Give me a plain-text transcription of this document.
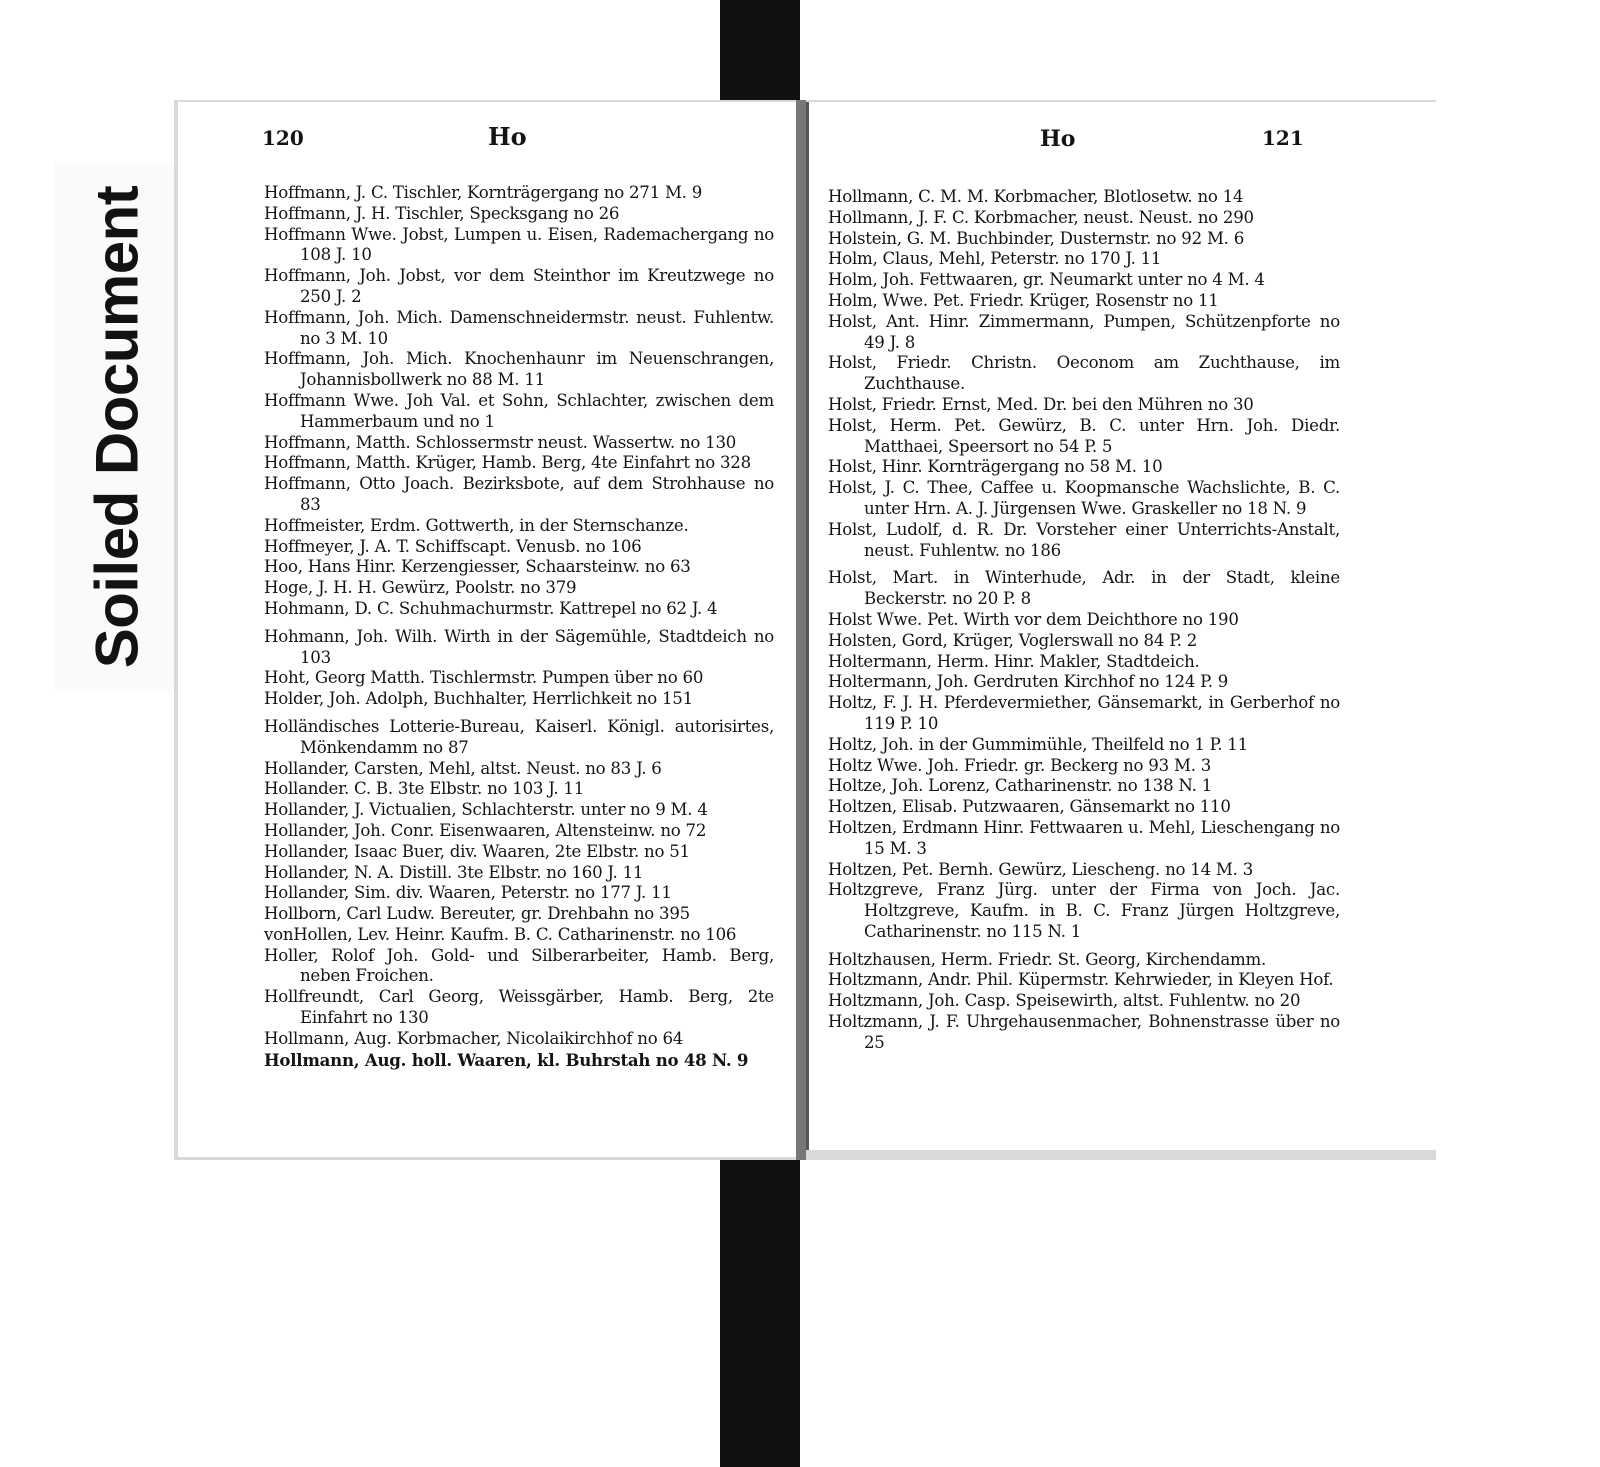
Soiled Document
120	Ho	Ho	121
Hoffmann, J. C. Tischler, Kornträgergang no 271 M. 9
Hoffmann, J. H. Tischler, Specksgang no 26
Hoffmann Wwe. Jobst, Lumpen u. Eisen, Rademachergang no 108 J. 10
Hoffmann, Joh. Jobst, vor dem Steinthor im Kreutzwege no 250 J. 2
Hoffmann, Joh. Mich. Damenschneidermstr. neust. Fuhlentw. no 3 M. 10
Hoffmann, Joh. Mich. Knochenhaunr im Neuenschrangen, Johannisbollwerk no 88 M. 11
Hoffmann Wwe. Joh Val. et Sohn, Schlachter, zwischen dem Hammerbaum und no 1
Hoffmann, Matth. Schlossermstr neust. Wassertw. no 130
Hoffmann, Matth. Krüger, Hamb. Berg, 4te Einfahrt no 328
Hoffmann, Otto Joach. Bezirksbote, auf dem Strohhause no 83
Hoffmeister, Erdm. Gottwerth, in der Sternschanze.
Hoffmeyer, J. A. T. Schiffscapt. Venusb. no 106
Hoo, Hans Hinr. Kerzengiesser, Schaarsteinw. no 63
Hoge, J. H. H. Gewürz, Poolstr. no 379
Hohmann, D. C. Schuhmachurmstr. Kattrepel no 62 J. 4
Hohmann, Joh. Wilh. Wirth in der Sägemühle, Stadtdeich no 103
Hoht, Georg Matth. Tischlermstr. Pumpen über no 60
Holder, Joh. Adolph, Buchhalter, Herrlichkeit no 151
Holländisches Lotterie-Bureau, Kaiserl. Königl. autorisirtes, Mönkendamm no 87
Hollander, Carsten, Mehl, altst. Neust. no 83 J. 6
Hollander. C. B. 3te Elbstr. no 103 J. 11
Hollander, J. Victualien, Schlachterstr. unter no 9 M. 4
Hollander, Joh. Conr. Eisenwaaren, Altensteinw. no 72
Hollander, Isaac Buer, div. Waaren, 2te Elbstr. no 51
Hollander, N. A. Distill. 3te Elbstr. no 160 J. 11
Hollander, Sim. div. Waaren, Peterstr. no 177 J. 11
Hollborn, Carl Ludw. Bereuter, gr. Drehbahn no 395
vonHollen, Lev. Heinr. Kaufm. B. C. Catharinenstr. no 106
Holler, Rolof Joh. Gold- und Silberarbeiter, Hamb. Berg, neben Froichen.
Hollfreundt, Carl Georg, Weissgärber, Hamb. Berg, 2te Einfahrt no 130
Hollmann, Aug. Korbmacher, Nicolaikirchhof no 64
Hollmann, Aug. holl. Waaren, kl. Buhrstah no 48 N. 9
Hollmann, C. M. M. Korbmacher, Blotlosetw. no 14
Hollmann, J. F. C. Korbmacher, neust. Neust. no 290
Holstein, G. M. Buchbinder, Dusternstr. no 92 M. 6
Holm, Claus, Mehl, Peterstr. no 170 J. 11
Holm, Joh. Fettwaaren, gr. Neumarkt unter no 4 M. 4
Holm, Wwe. Pet. Friedr. Krüger, Rosenstr no 11
Holst, Ant. Hinr. Zimmermann, Pumpen, Schützenpforte no 49 J. 8
Holst, Friedr. Christn. Oeconom am Zuchthause, im Zuchthause.
Holst, Friedr. Ernst, Med. Dr. bei den Mühren no 30
Holst, Herm. Pet. Gewürz, B. C. unter Hrn. Joh. Diedr. Matthaei, Speersort no 54 P. 5
Holst, Hinr. Kornträgergang no 58 M. 10
Holst, J. C. Thee, Caffee u. Koopmansche Wachslichte, B. C. unter Hrn. A. J. Jürgensen Wwe. Graskeller no 18 N. 9
Holst, Ludolf, d. R. Dr. Vorsteher einer Unterrichts-Anstalt, neust. Fuhlentw. no 186
Holst, Mart. in Winterhude, Adr. in der Stadt, kleine Beckerstr. no 20 P. 8
Holst Wwe. Pet. Wirth vor dem Deichthore no 190
Holsten, Gord, Krüger, Voglerswall no 84 P. 2
Holtermann, Herm. Hinr. Makler, Stadtdeich.
Holtermann, Joh. Gerdruten Kirchhof no 124 P. 9
Holtz, F. J. H. Pferdevermiether, Gänsemarkt, in Gerberhof no 119 P. 10
Holtz, Joh. in der Gummimühle, Theilfeld no 1 P. 11
Holtz Wwe. Joh. Friedr. gr. Beckerg no 93 M. 3
Holtze, Joh. Lorenz, Catharinenstr. no 138 N. 1
Holtzen, Elisab. Putzwaaren, Gänsemarkt no 110
Holtzen, Erdmann Hinr. Fettwaaren u. Mehl, Lieschengang no 15 M. 3
Holtzen, Pet. Bernh. Gewürz, Liescheng. no 14 M. 3
Holtzgreve, Franz Jürg. unter der Firma von Joch. Jac. Holtzgreve, Kaufm. in B. C. Franz Jürgen Holtzgreve, Catharinenstr. no 115 N. 1
Holtzhausen, Herm. Friedr. St. Georg, Kirchendamm.
Holtzmann, Andr. Phil. Küpermstr. Kehrwieder, in Kleyen Hof.
Holtzmann, Joh. Casp. Speisewirth, altst. Fuhlentw. no 20
Holtzmann, J. F. Uhrgehausenmacher, Bohnenstrasse über no 25
